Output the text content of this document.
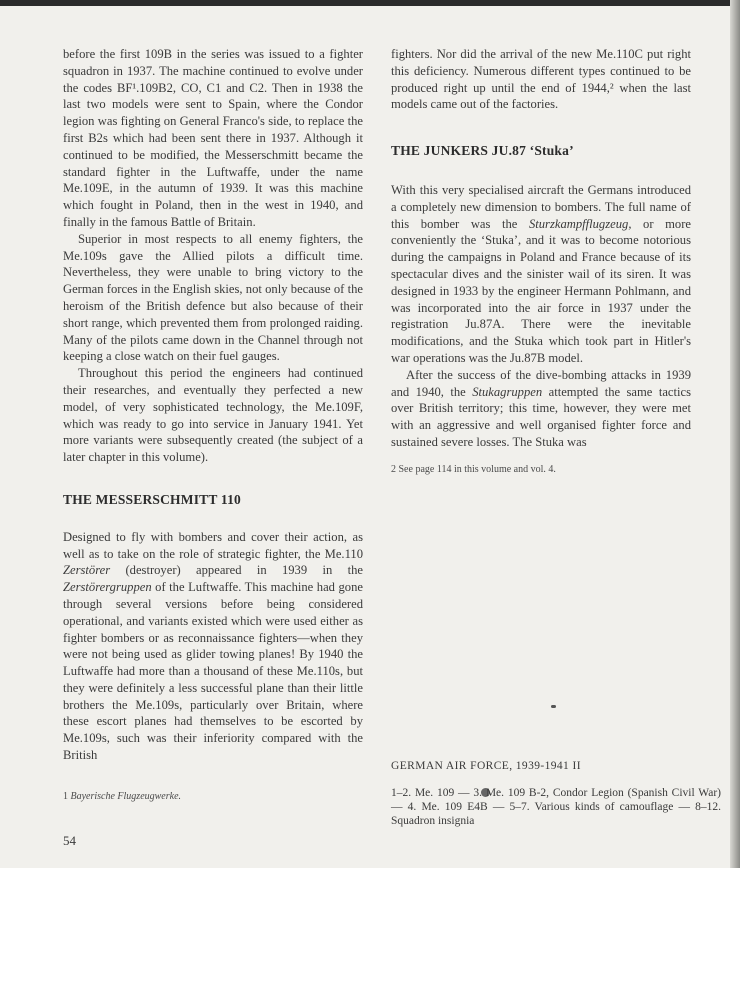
before the first 109B in the series was issued to a fighter squadron in 1937. The machine continued to evolve under the codes BF¹.109B2, CO, C1 and C2. Then in 1938 the last two models were sent to Spain, where the Condor legion was fighting on General Franco's side, to replace the first B2s which had been sent there in 1937. Although it continued to be modified, the Messerschmitt became the standard fighter in the Luftwaffe, under the name Me.109E, in the autumn of 1939. It was this machine which fought in Poland, then in the west in 1940, and finally in the famous Battle of Britain.

Superior in most respects to all enemy fighters, the Me.109s gave the Allied pilots a difficult time. Nevertheless, they were unable to bring victory to the German forces in the English skies, not only because of the heroism of the British defence but also because of their short range, which prevented them from prolonged raiding. Many of the pilots came down in the Channel through not keeping a close watch on their fuel gauges.

Throughout this period the engineers had continued their researches, and eventually they perfected a new model, of very sophisticated technology, the Me.109F, which was ready to go into service in January 1941. Yet more variants were subsequently created (the subject of a later chapter in this volume).

THE MESSERSCHMITT 110

Designed to fly with bombers and cover their action, as well as to take on the role of strategic fighter, the Me.110 Zerstörer (destroyer) appeared in 1939 in the Zerstörergruppen of the Luftwaffe. This machine had gone through several versions before being considered operational, and variants existed which were used either as fighter bombers or as reconnaissance fighters—when they were not being used as glider towing planes! By 1940 the Luftwaffe had more than a thousand of these Me.110s, but they were definitely a less successful plane than their little brothers the Me.109s, particularly over Britain, where these escort planes had themselves to be escorted by Me.109s, such was their inferiority compared with the British

1 Bayerische Flugzeugwerke.

fighters. Nor did the arrival of the new Me.110C put right this deficiency. Numerous different types continued to be produced right up until the end of 1944,² when the last models came out of the factories.

THE JUNKERS JU.87 ‘Stuka’

With this very specialised aircraft the Germans introduced a completely new dimension to bombers. The full name of this bomber was the Sturzkampfflugzeug, or more conveniently the ‘Stuka’, and it was to become notorious during the campaigns in Poland and France because of its spectacular dives and the sinister wail of its siren. It was designed in 1933 by the engineer Hermann Pohlmann, and was incorporated into the air force in 1937 under the registration Ju.87A. There were the inevitable modifications, and the Stuka which took part in Hitler's war operations was the Ju.87B model.

After the success of the dive-bombing attacks in 1939 and 1940, the Stukagruppen attempted the same tactics over British territory; this time, however, they were met with an aggressive and well organised fighter force and sustained severe losses. The Stuka was

2 See page 114 in this volume and vol. 4.

GERMAN AIR FORCE, 1939-1941 II
1–2. Me. 109 — 3. Me. 109 B-2, Condor Legion (Spanish Civil War) — 4. Me. 109 E4B — 5–7. Various kinds of camouflage — 8–12. Squadron insignia
54
